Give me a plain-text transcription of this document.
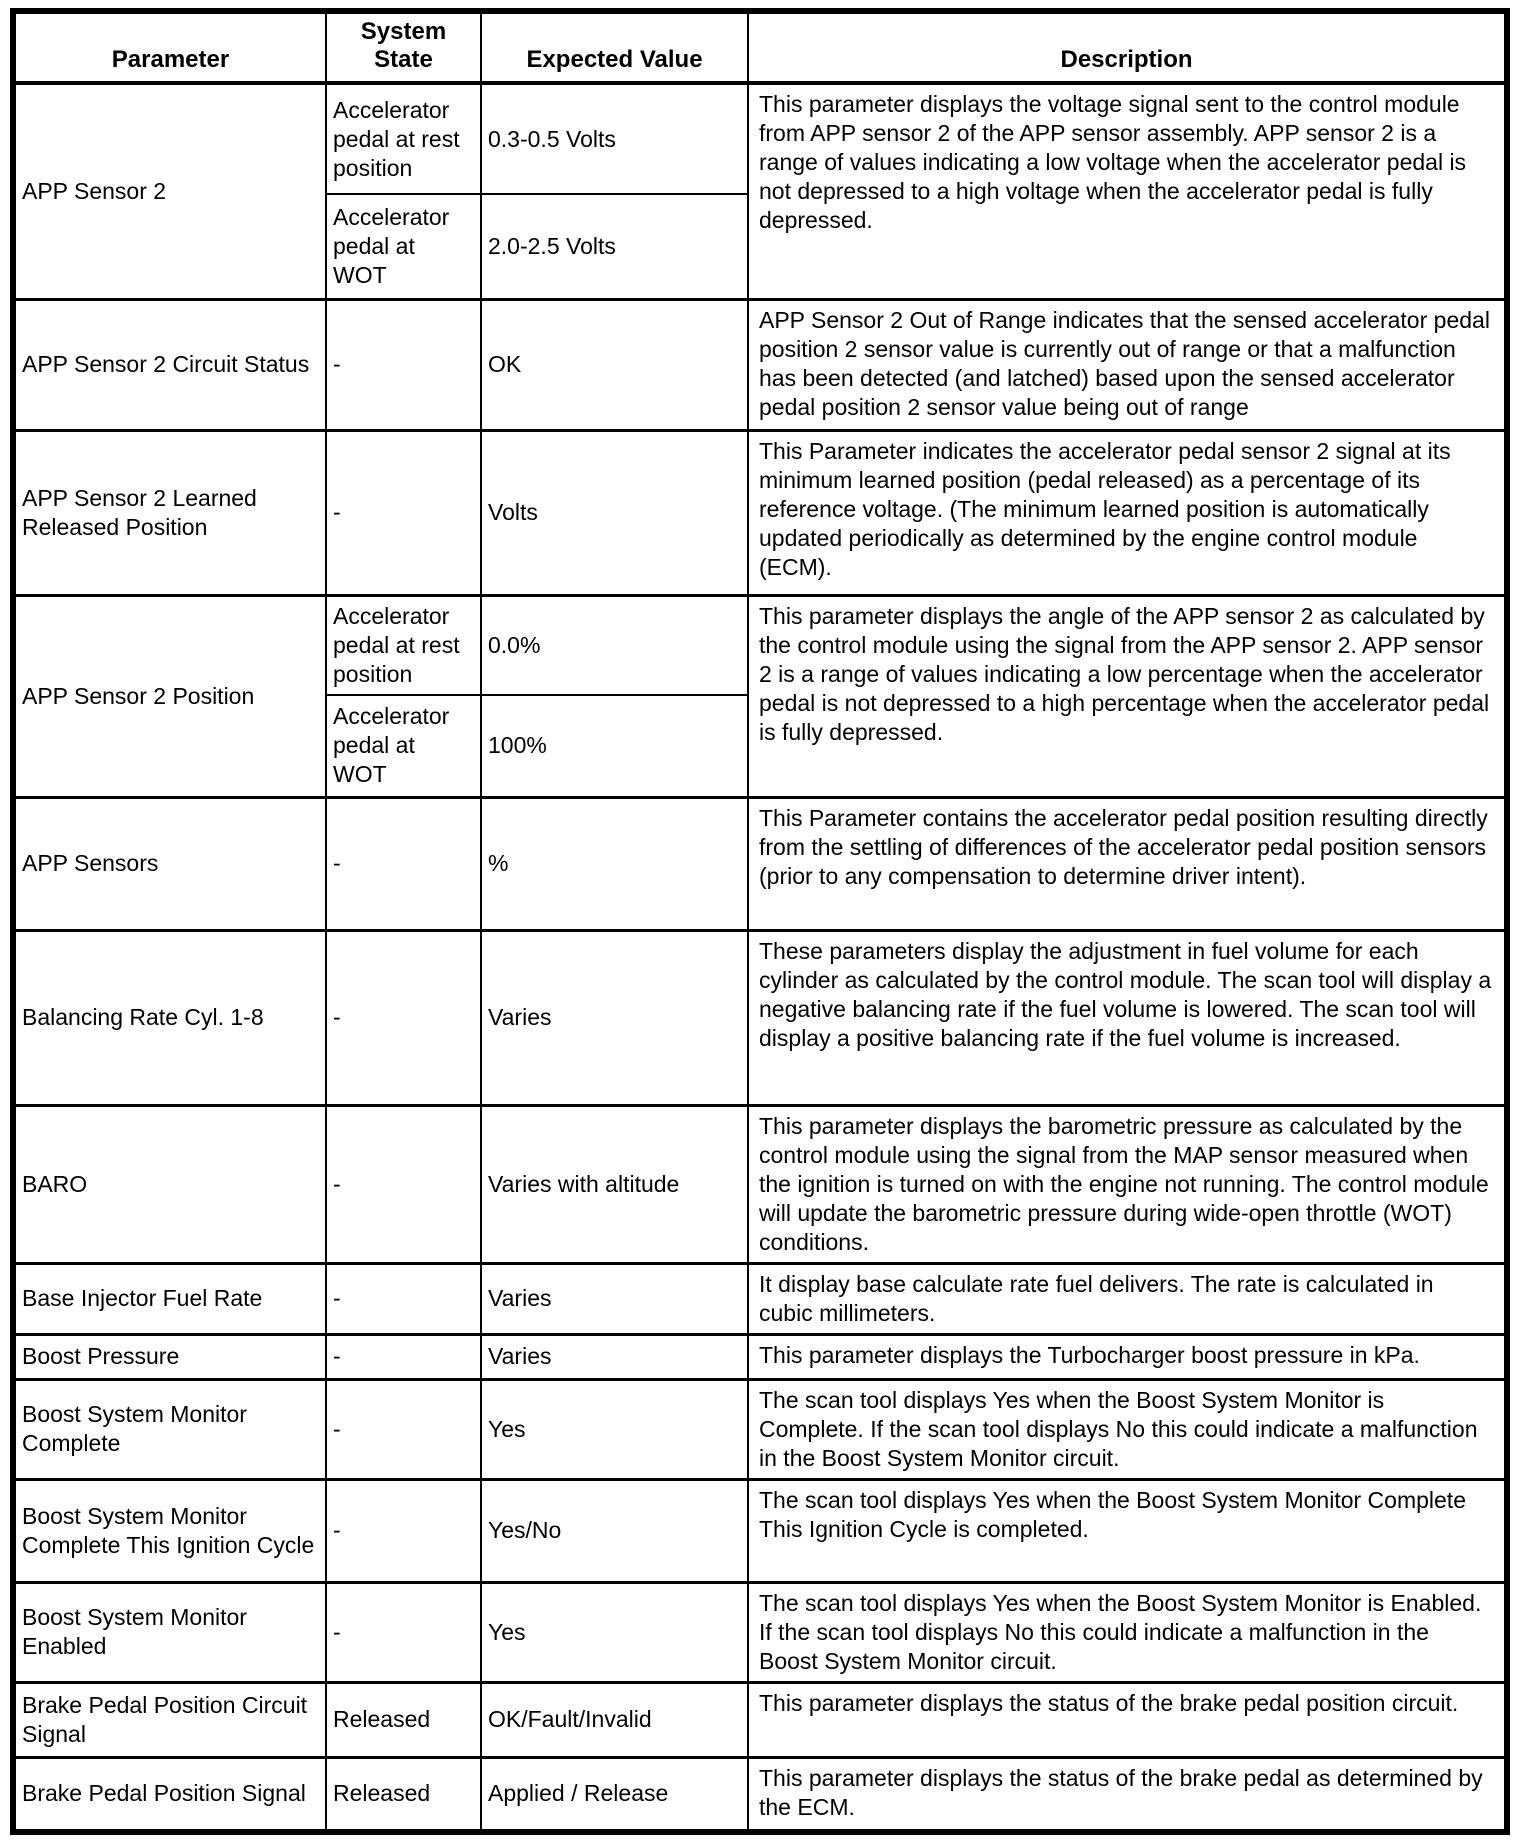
Parameter	System State	Expected Value	Description
APP Sensor 2	Accelerator pedal at rest position	0.3-0.5 Volts	This parameter displays the voltage signal sent to the control module from APP sensor 2 of the APP sensor assembly. APP sensor 2 is a range of values indicating a low voltage when the accelerator pedal is not depressed to a high voltage when the accelerator pedal is fully depressed.
	Accelerator pedal at WOT	2.0-2.5 Volts	
APP Sensor 2 Circuit Status	-	OK	APP Sensor 2 Out of Range indicates that the sensed accelerator pedal position 2 sensor value is currently out of range or that a malfunction has been detected (and latched) based upon the sensed accelerator pedal position 2 sensor value being out of range
APP Sensor 2 Learned Released Position	-	Volts	This Parameter indicates the accelerator pedal sensor 2 signal at its minimum learned position (pedal released) as a percentage of its reference voltage. (The minimum learned position is automatically updated periodically as determined by the engine control module (ECM).
APP Sensor 2 Position	Accelerator pedal at rest position	0.0%	This parameter displays the angle of the APP sensor 2 as calculated by the control module using the signal from the APP sensor 2. APP sensor 2 is a range of values indicating a low percentage when the accelerator pedal is not depressed to a high percentage when the accelerator pedal is fully depressed.
	Accelerator pedal at WOT	100%	
APP Sensors	-	%	This Parameter contains the accelerator pedal position resulting directly from the settling of differences of the accelerator pedal position sensors (prior to any compensation to determine driver intent).
Balancing Rate Cyl. 1-8	-	Varies	These parameters display the adjustment in fuel volume for each cylinder as calculated by the control module. The scan tool will display a negative balancing rate if the fuel volume is lowered. The scan tool will display a positive balancing rate if the fuel volume is increased.
BARO	-	Varies with altitude	This parameter displays the barometric pressure as calculated by the control module using the signal from the MAP sensor measured when the ignition is turned on with the engine not running. The control module will update the barometric pressure during wide-open throttle (WOT) conditions.
Base Injector Fuel Rate	-	Varies	It display base calculate rate fuel delivers. The rate is calculated in cubic millimeters.
Boost Pressure	-	Varies	This parameter displays the Turbocharger boost pressure in kPa.
Boost System Monitor Complete	-	Yes	The scan tool displays Yes when the Boost System Monitor is Complete. If the scan tool displays No this could indicate a malfunction in the Boost System Monitor circuit.
Boost System Monitor Complete This Ignition Cycle	-	Yes/No	The scan tool displays Yes when the Boost System Monitor Complete This Ignition Cycle is completed.
Boost System Monitor Enabled	-	Yes	The scan tool displays Yes when the Boost System Monitor is Enabled. If the scan tool displays No this could indicate a malfunction in the Boost System Monitor circuit.
Brake Pedal Position Circuit Signal	Released	OK/Fault/Invalid	This parameter displays the status of the brake pedal position circuit.
Brake Pedal Position Signal	Released	Applied / Release	This parameter displays the status of the brake pedal as determined by the ECM.
